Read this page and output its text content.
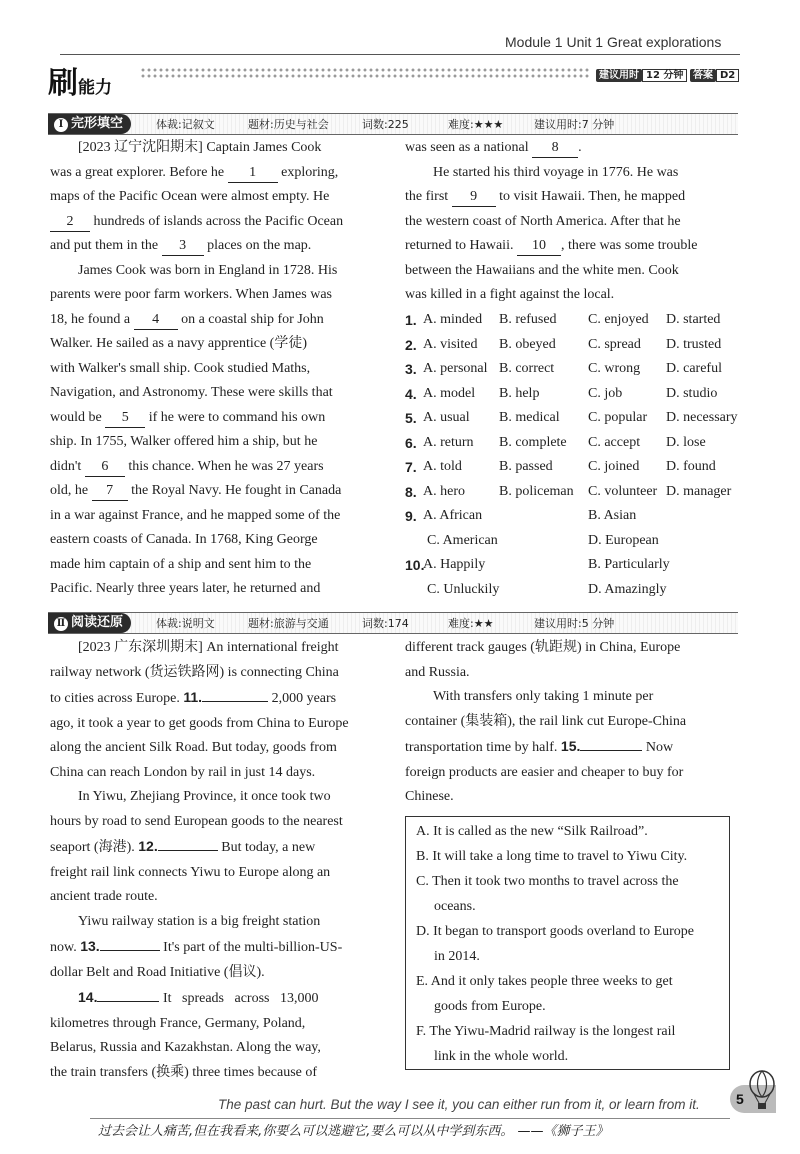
Module 1 Unit 1 Great explorations
刷能力
建议用时 12 分钟 答案 D2
Ⅰ 完形填空	体裁:记叙文	题材:历史与社会	词数:225	难度:★★★	建议用时:7 分钟
[2023 辽宁沈阳期末] Captain James Cook
was a great explorer. Before he 1 exploring,
maps of the Pacific Ocean were almost empty. He
2 hundreds of islands across the Pacific Ocean
and put them in the 3 places on the map.
James Cook was born in England in 1728. His
parents were poor farm workers. When James was
18, he found a 4 on a coastal ship for John
Walker. He sailed as a navy apprentice (学徒)
with Walker's small ship. Cook studied Maths,
Navigation, and Astronomy. These were skills that
would be 5 if he were to command his own
ship. In 1755, Walker offered him a ship, but he
didn't 6 this chance. When he was 27 years
old, he 7 the Royal Navy. He fought in Canada
in a war against France, and he mapped some of the
eastern coasts of Canada. In 1768, King George
made him captain of a ship and sent him to the
Pacific. Nearly three years later, he returned and
was seen as a national 8 .
He started his third voyage in 1776. He was
the first 9 to visit Hawaii. Then, he mapped
the western coast of North America. After that he
returned to Hawaii. 10 , there was some trouble
between the Hawaiians and the white men. Cook
was killed in a fight against the local.
1. A. minded B. refused C. enjoyed D. started
2. A. visited B. obeyed C. spread D. trusted
3. A. personal B. correct C. wrong D. careful
4. A. model B. help	C. job	D. studio
5. A. usual B. medical C. popular D. necessary
6. A. return B. complete C. accept D. lose
7. A. told	B. passed	C. joined D. found
8. A. hero B. policeman C. volunteer D. manager
9. A. African	B. Asian
C. American	D. European
10.
A. Happily	B. Particularly
C. Unluckily	D. Amazingly
Ⅱ 阅读还原	体裁:说明文	题材:旅游与交通	词数:174	难度:★★	建议用时:5 分钟
[2023 广东深圳期末] An international freight
railway network (货运铁路网) is connecting China
to cities across Europe. 11.	2,000 years
ago, it took a year to get goods from China to Europe
along the ancient Silk Road. But today, goods from
China can reach London by rail in just 14 days.
In Yiwu, Zhejiang Province, it once took two
hours by road to send European goods to the nearest
seaport (海港). 12.	But today, a new
freight rail link connects Yiwu to Europe along an
ancient trade route.
Yiwu railway station is a big freight station
now. 13.	It's part of the multi-billion-US-
dollar Belt and Road Initiative (倡议).
14.	It   spreads   across   13,000
kilometres through France, Germany, Poland,
Belarus, Russia and Kazakhstan. Along the way,
the train transfers (换乘) three times because of
different track gauges (轨距规) in China, Europe
and Russia.
With transfers only taking 1 minute per
container (集装箱), the rail link cut Europe-China
transportation time by half. 15.	Now
foreign products are easier and cheaper to buy for
Chinese.
A. It is called as the new “Silk Railroad”.
B. It will take a long time to travel to Yiwu City.
C. Then it took two months to travel across the
oceans.
D. It began to transport goods overland to Europe
in 2014.
E. And it only takes people three weeks to get
goods from Europe.
F. The Yiwu-Madrid railway is the longest rail
link in the whole world.
The past can hurt. But the way I see it, you can either run from it, or learn from it.
过去会让人痛苦,但在我看来,你要么可以逃避它,要么可以从中学到东西。 ——《狮子王》
5
